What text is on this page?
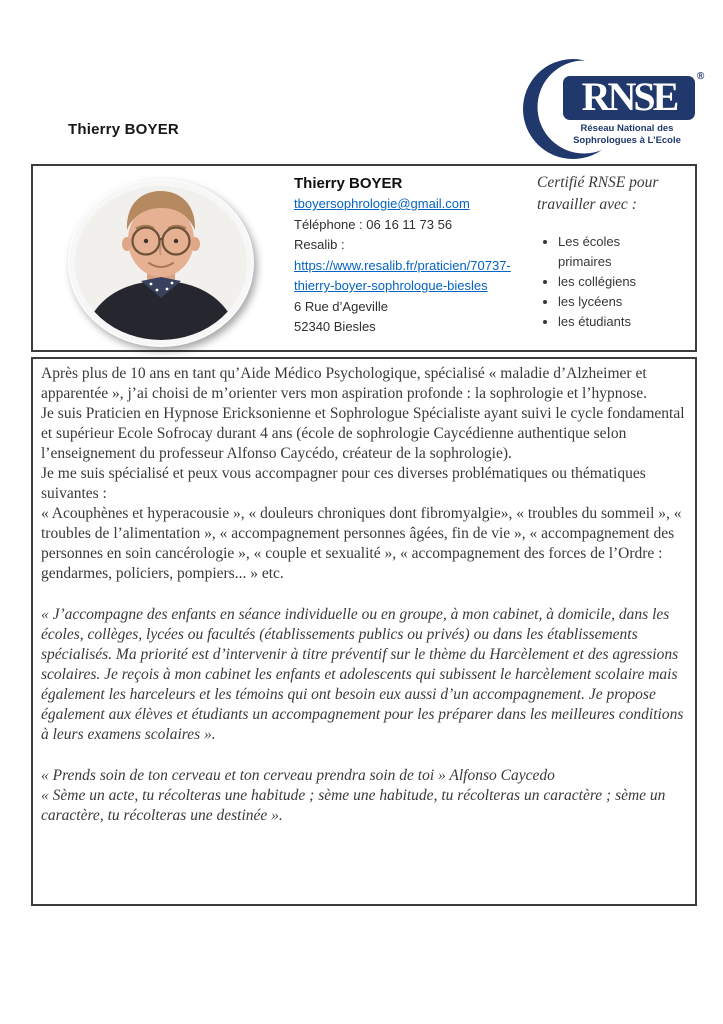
Thierry BOYER
RNSE	®
Réseau National des
Sophrologues à L'Ecole
Thierry BOYER
tboyersophrologie@gmail.com
Téléphone : 06 16 11 73 56
Resalib :
https://www.resalib.fr/praticien/70737-thierry-boyer-sophrologue-biesles
6 Rue d’Ageville
52340 Biesles

Certifié RNSE pour travailler avec :

• Les écoles primaires
• les collégiens
• les lycéens
• les étudiants

Après plus de 10 ans en tant qu’Aide Médico Psychologique, spécialisé « maladie d’Alzheimer et apparentée », j’ai choisi de m’orienter vers mon aspiration profonde : la sophrologie et l’hypnose.

Je suis Praticien en Hypnose Ericksonienne et Sophrologue Spécialiste ayant suivi le cycle fondamental et supérieur Ecole Sofrocay durant 4 ans (école de sophrologie Caycédienne authentique selon l’enseignement du professeur Alfonso Caycédo, créateur de la sophrologie).

Je me suis spécialisé et peux vous accompagner pour ces diverses problématiques ou thématiques suivantes :

« Acouphènes et hyperacousie », « douleurs chroniques dont fibromyalgie», « troubles du sommeil », « troubles de l’alimentation », « accompagnement personnes âgées, fin de vie », « accompagnement des personnes en soin cancérologie », « couple et sexualité », « accompagnement des forces de l’Ordre : gendarmes, policiers, pompiers... » etc.

« J’accompagne des enfants en séance individuelle ou en groupe, à mon cabinet, à domicile, dans les écoles, collèges, lycées ou facultés (établissements publics ou privés) ou dans les établissements spécialisés. Ma priorité est d’intervenir à titre préventif sur le thème du Harcèlement et des agressions scolaires. Je reçois à mon cabinet les enfants et adolescents qui subissent le harcèlement scolaire mais également les harceleurs et les témoins qui ont besoin eux aussi d’un accompagnement. Je propose également aux élèves et étudiants un accompagnement pour les préparer dans les meilleures conditions à leurs examens scolaires ».

« Prends soin de ton cerveau et ton cerveau prendra soin de toi » Alfonso Caycedo

« Sème un acte, tu récolteras une habitude ; sème une habitude, tu récolteras un caractère ; sème un caractère, tu récolteras une destinée ».
